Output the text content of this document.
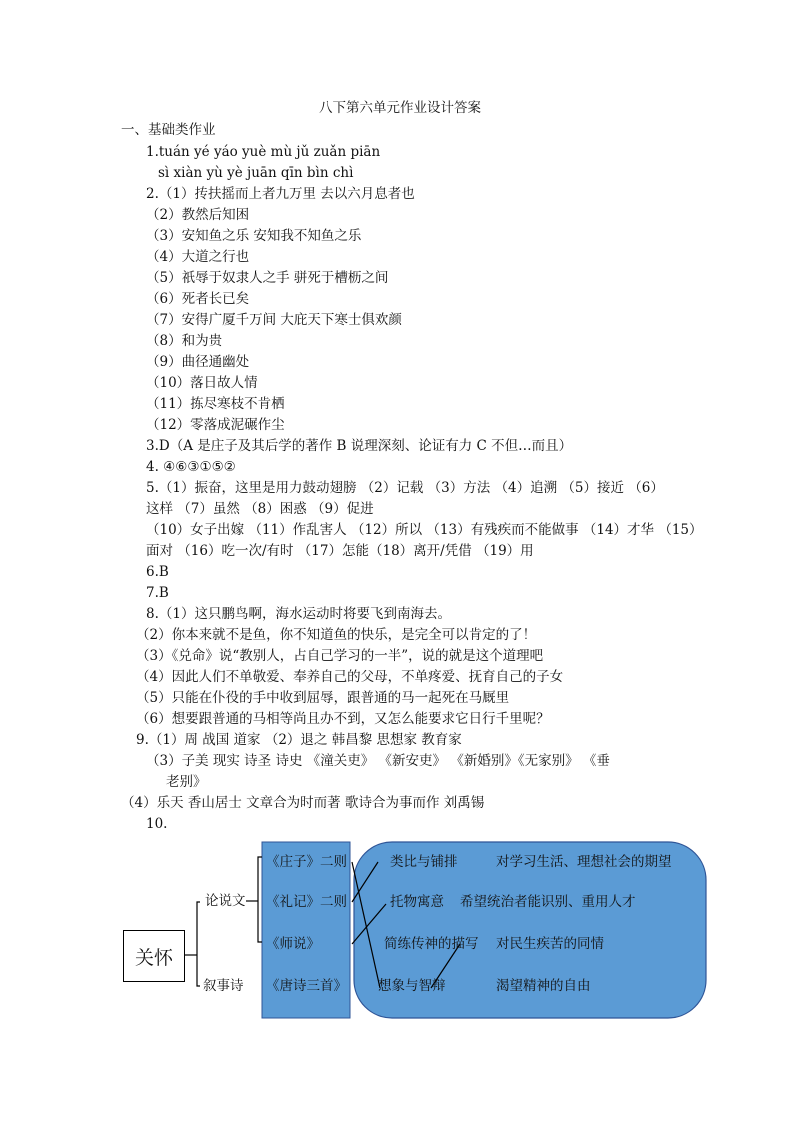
八下第六单元作业设计答案
一、基础类作业
1.tuán yé yáo yuè mù jǔ zuǎn piān
sì xiàn yù yè juān qīn bìn chì
2.（1）抟扶摇而上者九万里 去以六月息者也
（2）教然后知困
（3）安知鱼之乐 安知我不知鱼之乐
（4）大道之行也
（5）祇辱于奴隶人之手 骈死于槽枥之间
（6）死者长已矣
（7）安得广厦千万间 大庇天下寒士俱欢颜
（8）和为贵
（9）曲径通幽处
（10）落日故人情
（11）拣尽寒枝不肯栖
（12）零落成泥碾作尘
3.D（A 是庄子及其后学的著作 B 说理深刻、论证有力 C 不但…而且）
4. ④⑥③①⑤②
5.（1）振奋，这里是用力鼓动翅膀 （2）记载 （3）方法 （4）追溯 （5）接近 （6）
这样 （7）虽然 （8）困惑 （9）促进
（10）女子出嫁 （11）作乱害人 （12）所以 （13）有残疾而不能做事 （14）才华 （15）
面对 （16）吃一次/有时 （17）怎能（18）离开/凭借 （19）用
6.B
7.B
8.（1）这只鹏鸟啊，海水运动时将要飞到南海去。
（2）你本来就不是鱼，你不知道鱼的快乐，是完全可以肯定的了！
（3）《兑命》说“教别人，占自己学习的一半”，说的就是这个道理吧
（4）因此人们不单敬爱、奉养自己的父母，不单疼爱、抚育自己的子女
（5）只能在仆役的手中收到屈辱，跟普通的马一起死在马厩里
（6）想要跟普通的马相等尚且办不到，又怎么能要求它日行千里呢？
9.（1）周 战国 道家 （2）退之 韩昌黎 思想家 教育家
（3）子美 现实 诗圣 诗史 《潼关吏》 《新安吏》 《新婚别》《无家别》 《垂
老别》
（4）乐天 香山居士 文章合为时而著 歌诗合为事而作 刘禹锡
10.
关怀
论说文
叙事诗
《庄子》二则
《礼记》二则
《师说》
《唐诗三首》
类比与铺排
托物寓意
简练传神的描写
想象与智辩
对学习生活、理想社会的期望
希望统治者能识别、重用人才
对民生疾苦的同情
渴望精神的自由
